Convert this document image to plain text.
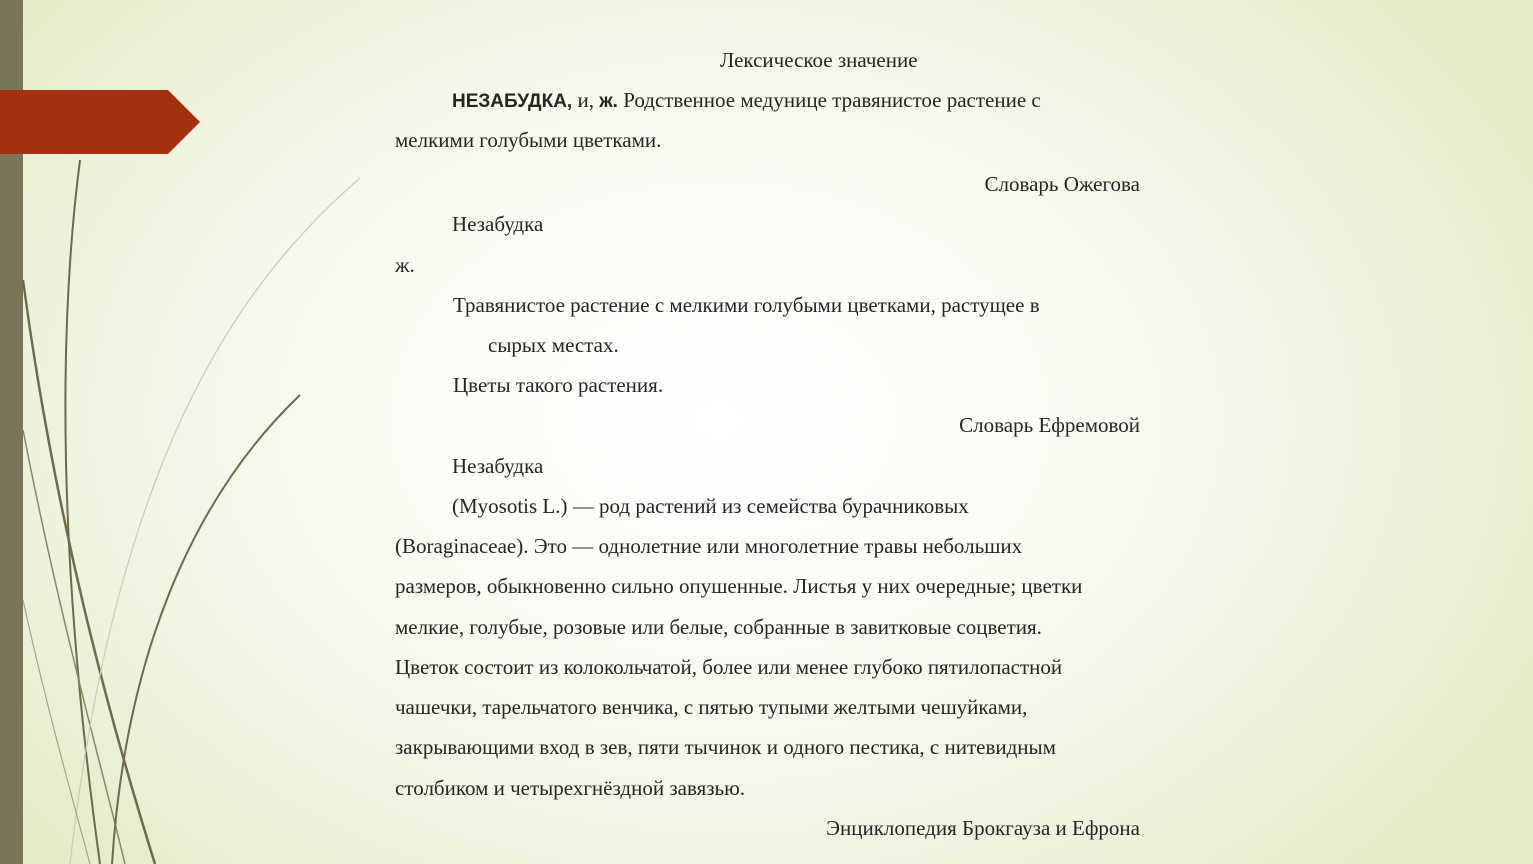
Лексическое значение
НЕЗАБУДКА, и, ж. Родственное медунице травянистое растение с
мелкими голубыми цветками.
Словарь Ожегова
Незабудка
ж.
Травянистое растение с мелкими голубыми цветками, растущее в
сырых местах.
Цветы такого растения.
Словарь Ефремовой
Незабудка
(Myosotis L.) — род растений из семейства бурачниковых
(Boraginaceae). Это — однолетние или многолетние травы небольших
размеров, обыкновенно сильно опушенные. Листья у них очередные; цветки
мелкие, голубые, розовые или белые, собранные в завитковые соцветия.
Цветок состоит из колокольчатой, более или менее глубоко пятилопастной
чашечки, тарельчатого венчика, с пятью тупыми желтыми чешуйками,
закрывающими вход в зев, пяти тычинок и одного пестика, с нитевидным
столбиком и четырехгнёздной завязью.
Энциклопедия Брокгауза и Ефрона
